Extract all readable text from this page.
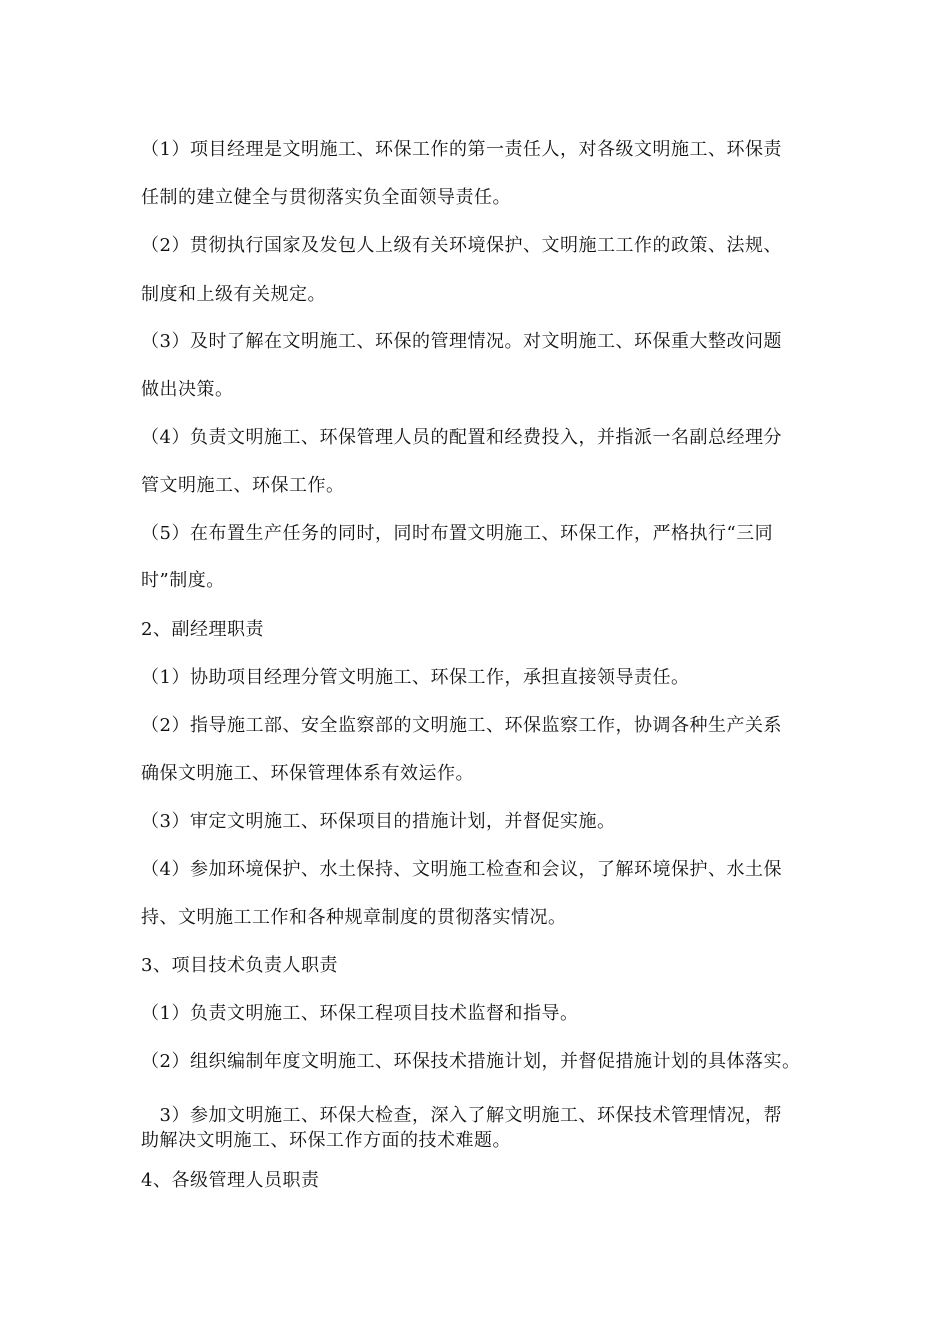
（1）项目经理是文明施工、环保工作的第一责任人，对各级文明施工、环保责
任制的建立健全与贯彻落实负全面领导责任。
（2）贯彻执行国家及发包人上级有关环境保护、文明施工工作的政策、法规、
制度和上级有关规定。
（3）及时了解在文明施工、环保的管理情况。对文明施工、环保重大整改问题
做出决策。
（4）负责文明施工、环保管理人员的配置和经费投入，并指派一名副总经理分
管文明施工、环保工作。
（5）在布置生产任务的同时，同时布置文明施工、环保工作，严格执行“三同
时”制度。
2、副经理职责
（1）协助项目经理分管文明施工、环保工作，承担直接领导责任。
（2）指导施工部、安全监察部的文明施工、环保监察工作，协调各种生产关系
确保文明施工、环保管理体系有效运作。
（3）审定文明施工、环保项目的措施计划，并督促实施。
（4）参加环境保护、水土保持、文明施工检查和会议，了解环境保护、水土保
持、文明施工工作和各种规章制度的贯彻落实情况。
3、项目技术负责人职责
（1）负责文明施工、环保工程项目技术监督和指导。
（2）组织编制年度文明施工、环保技术措施计划，并督促措施计划的具体落实。
　3）参加文明施工、环保大检查，深入了解文明施工、环保技术管理情况，帮
助解决文明施工、环保工作方面的技术难题。
4、各级管理人员职责
